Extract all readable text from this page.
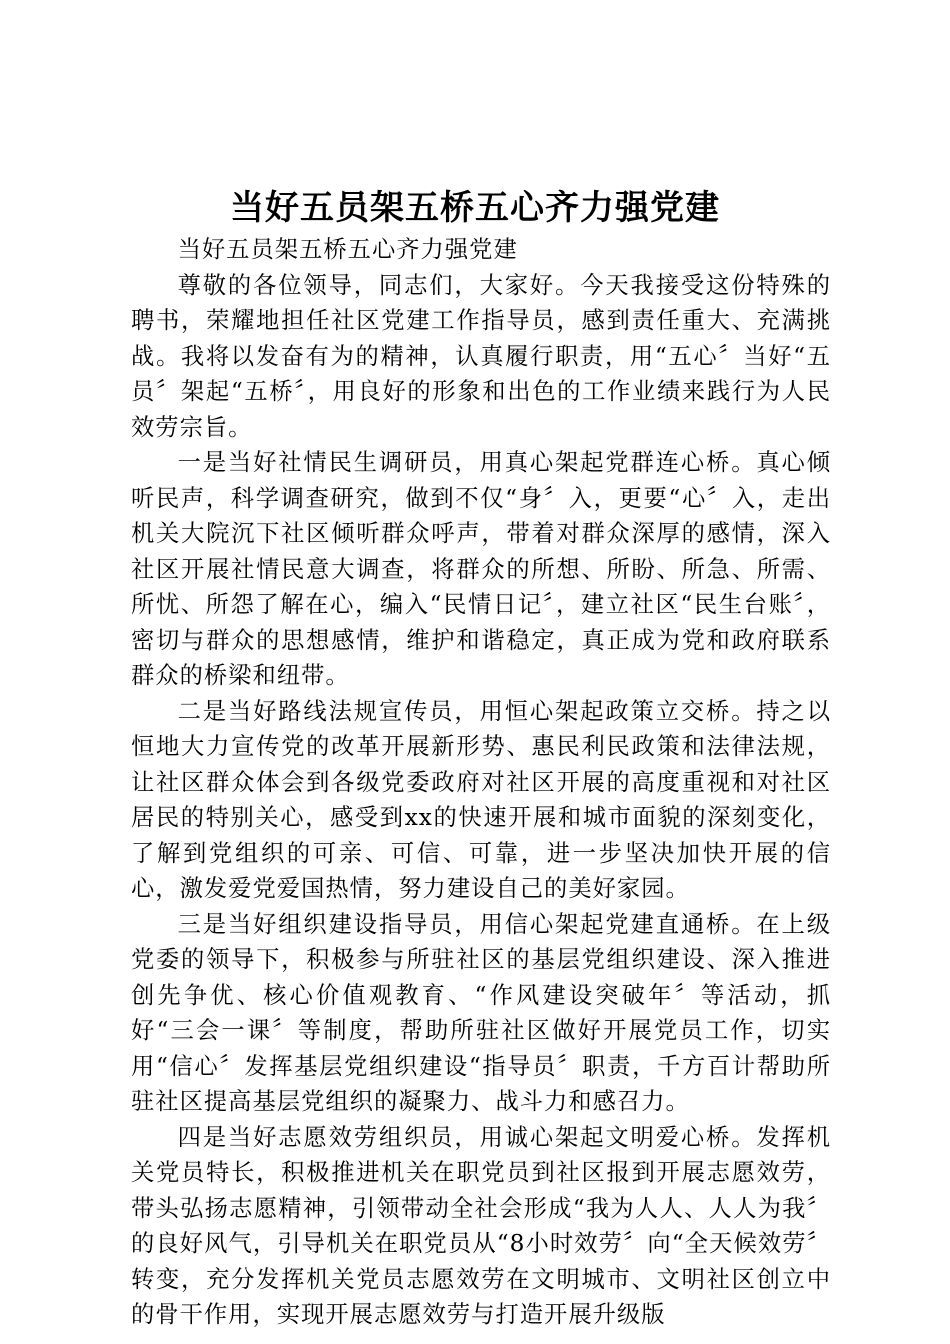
当好五员架五桥五心齐力强党建

当好五员架五桥五心齐力强党建

尊敬的各位领导，同志们，大家好。今天我接受这份特殊的聘书，荣耀地担任社区党建工作指导员，感到责任重大、充满挑战。我将以发奋有为的精神，认真履行职责，用“五心〞当好“五员〞架起“五桥〞，用良好的形象和出色的工作业绩来践行为人民效劳宗旨。

一是当好社情民生调研员，用真心架起党群连心桥。真心倾听民声，科学调查研究，做到不仅“身〞入，更要“心〞入，走出机关大院沉下社区倾听群众呼声，带着对群众深厚的感情，深入社区开展社情民意大调查，将群众的所想、所盼、所急、所需、所忧、所怨了解在心，编入“民情日记〞，建立社区“民生台账〞，密切与群众的思想感情，维护和谐稳定，真正成为党和政府联系群众的桥梁和纽带。

二是当好路线法规宣传员，用恒心架起政策立交桥。持之以恒地大力宣传党的改革开展新形势、惠民利民政策和法律法规，让社区群众体会到各级党委政府对社区开展的高度重视和对社区居民的特别关心，感受到xx的快速开展和城市面貌的深刻变化，了解到党组织的可亲、可信、可靠，进一步坚决加快开展的信心，激发爱党爱国热情，努力建设自己的美好家园。

三是当好组织建设指导员，用信心架起党建直通桥。在上级党委的领导下，积极参与所驻社区的基层党组织建设、深入推进创先争优、核心价值观教育、“作风建设突破年〞等活动，抓好“三会一课〞等制度，帮助所驻社区做好开展党员工作，切实用“信心〞发挥基层党组织建设“指导员〞职责，千方百计帮助所驻社区提高基层党组织的凝聚力、战斗力和感召力。

四是当好志愿效劳组织员，用诚心架起文明爱心桥。发挥机关党员特长，积极推进机关在职党员到社区报到开展志愿效劳，带头弘扬志愿精神，引领带动全社会形成“我为人人、人人为我〞的良好风气，引导机关在职党员从“8小时效劳〞向“全天候效劳〞转变，充分发挥机关党员志愿效劳在文明城市、文明社区创立中的骨干作用，实现开展志愿效劳与打造开展升级版
